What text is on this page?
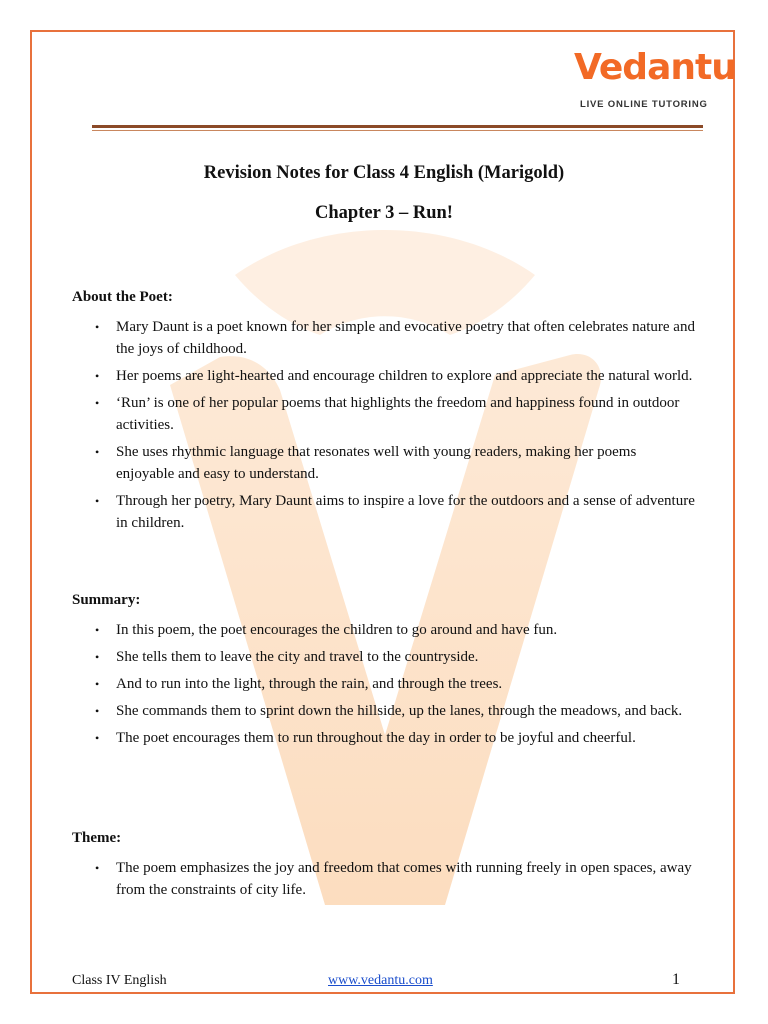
Vedantu
LIVE ONLINE TUTORING
Revision Notes for Class 4 English (Marigold)
Chapter 3 – Run!
About the Poet:
• Mary Daunt is a poet known for her simple and evocative poetry that often celebrates nature and the joys of childhood.
• Her poems are light-hearted and encourage children to explore and appreciate the natural world.
• ‘Run’ is one of her popular poems that highlights the freedom and happiness found in outdoor activities.
• She uses rhythmic language that resonates well with young readers, making her poems enjoyable and easy to understand.
• Through her poetry, Mary Daunt aims to inspire a love for the outdoors and a sense of adventure in children.
Summary:
• In this poem, the poet encourages the children to go around and have fun.
• She tells them to leave the city and travel to the countryside.
• And to run into the light, through the rain, and through the trees.
• She commands them to sprint down the hillside, up the lanes, through the meadows, and back.
• The poet encourages them to run throughout the day in order to be joyful and cheerful.
Theme:
• The poem emphasizes the joy and freedom that comes with running freely in open spaces, away from the constraints of city life.
Class IV English	www.vedantu.com	1
